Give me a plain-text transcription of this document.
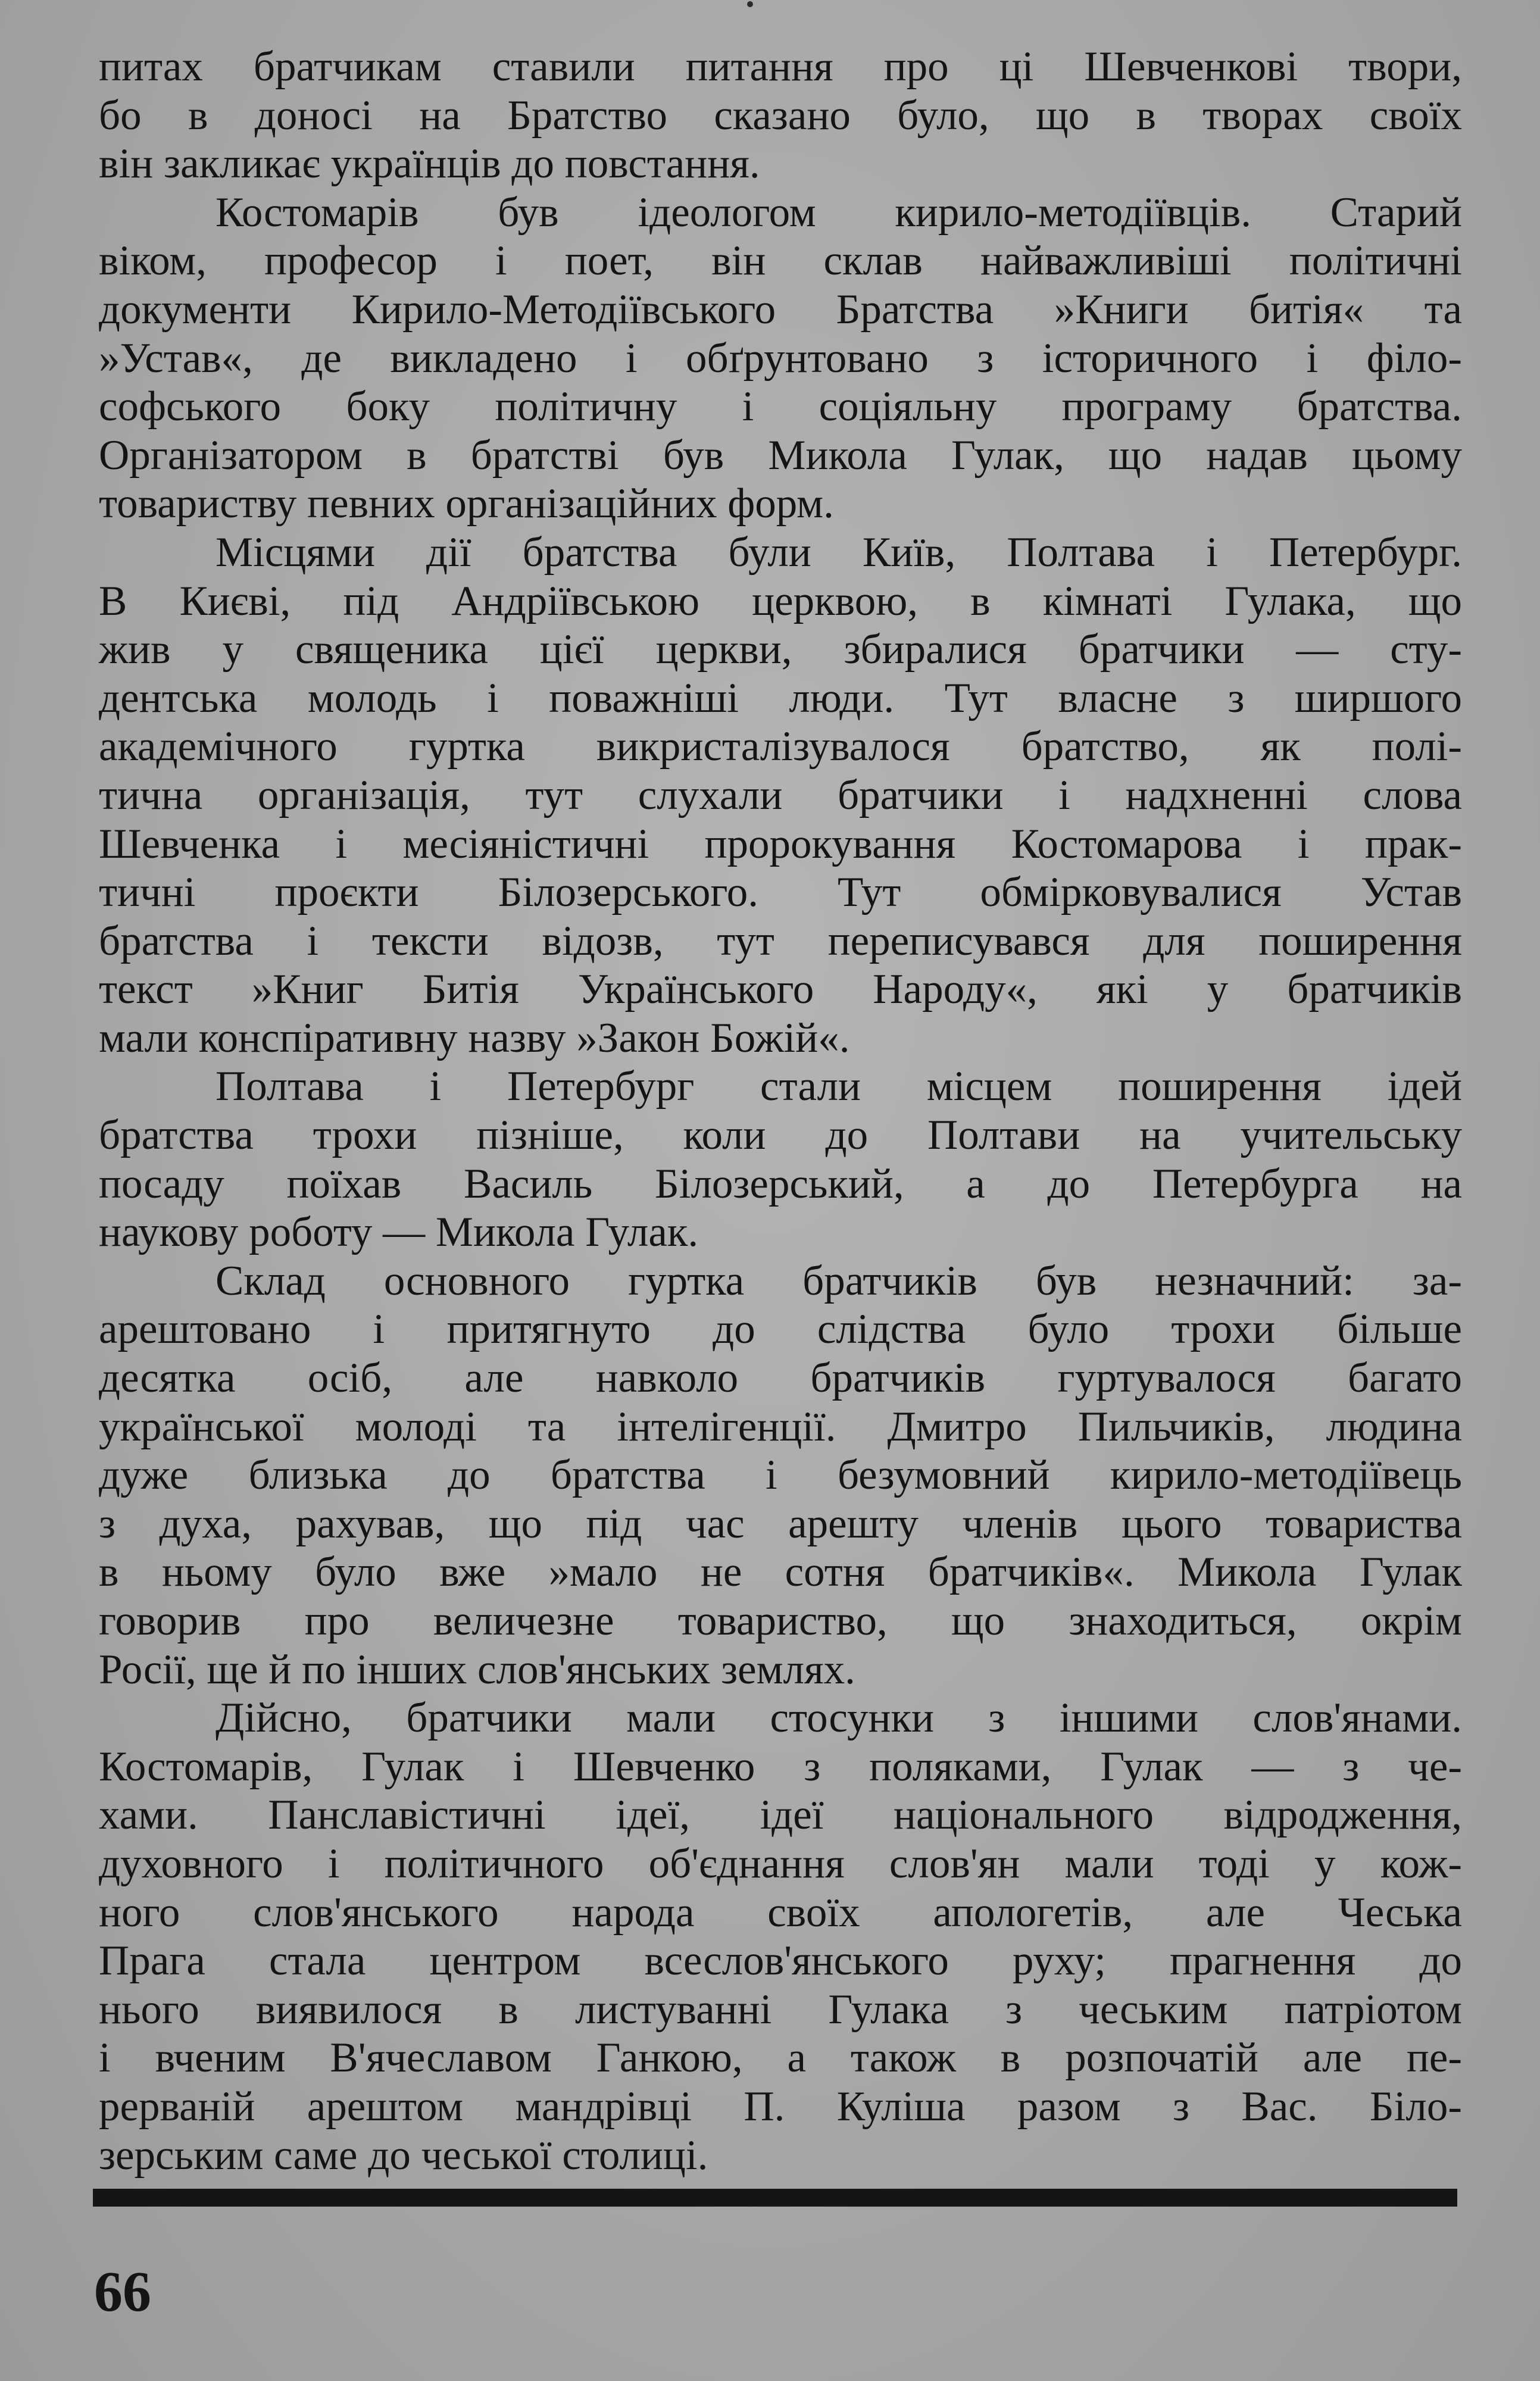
питах братчикам ставили питання про ці Шевченкові твори,
бо в доносі на Братство сказано було, що в творах своїх
він закликає українців до повстання.
Костомарів був ідеологом кирило-методіївців. Старий
віком, професор і поет, він склав найважливіші політичні
документи Кирило-Методіївського Братства »Книги битія« та
»Устав«, де викладено і обґрунтовано з історичного і філо-
софського боку політичну і соціяльну програму братства.
Організатором в братстві був Микола Гулак, що надав цьому
товариству певних організаційних форм.
Місцями дії братства були Київ, Полтава і Петербург.
В Києві, під Андріївською церквою, в кімнаті Гулака, що
жив у священика цієї церкви, збиралися братчики — сту-
дентська молодь і поважніші люди. Тут власне з ширшого
академічного гуртка викристалізувалося братство, як полі-
тична організація, тут слухали братчики і надхненні слова
Шевченка і месіяністичні пророкування Костомарова і прак-
тичні проєкти Білозерського. Тут обмірковувалися Устав
братства і тексти відозв, тут переписувався для поширення
текст »Книг Битія Українського Народу«, які у братчиків
мали конспіративну назву »Закон Божій«.
Полтава і Петербург стали місцем поширення ідей
братства трохи пізніше, коли до Полтави на учительську
посаду поїхав Василь Білозерський, а до Петербурга на
наукову роботу — Микола Гулак.
Склад основного гуртка братчиків був незначний: за-
арештовано і притягнуто до слідства було трохи більше
десятка осіб, але навколо братчиків гуртувалося багато
української молоді та інтелігенції. Дмитро Пильчиків, людина
дуже близька до братства і безумовний кирило-методіївець
з духа, рахував, що під час арешту членів цього товариства
в ньому було вже »мало не сотня братчиків«. Микола Гулак
говорив про величезне товариство, що знаходиться, окрім
Росії, ще й по інших слов'янських землях.
Дійсно, братчики мали стосунки з іншими слов'янами.
Костомарів, Гулак і Шевченко з поляками, Гулак — з че-
хами. Панславістичні ідеї, ідеї національного відродження,
духовного і політичного об'єднання слов'ян мали тоді у кож-
ного слов'янського народа своїх апологетів, але Чеська
Прага стала центром всеслов'янського руху; прагнення до
нього виявилося в листуванні Гулака з чеським патріотом
і вченим В'ячеславом Ганкою, а також в розпочатій але пе-
рерваній арештом мандрівці П. Куліша разом з Вас. Біло-
зерським саме до чеської столиці.
66
